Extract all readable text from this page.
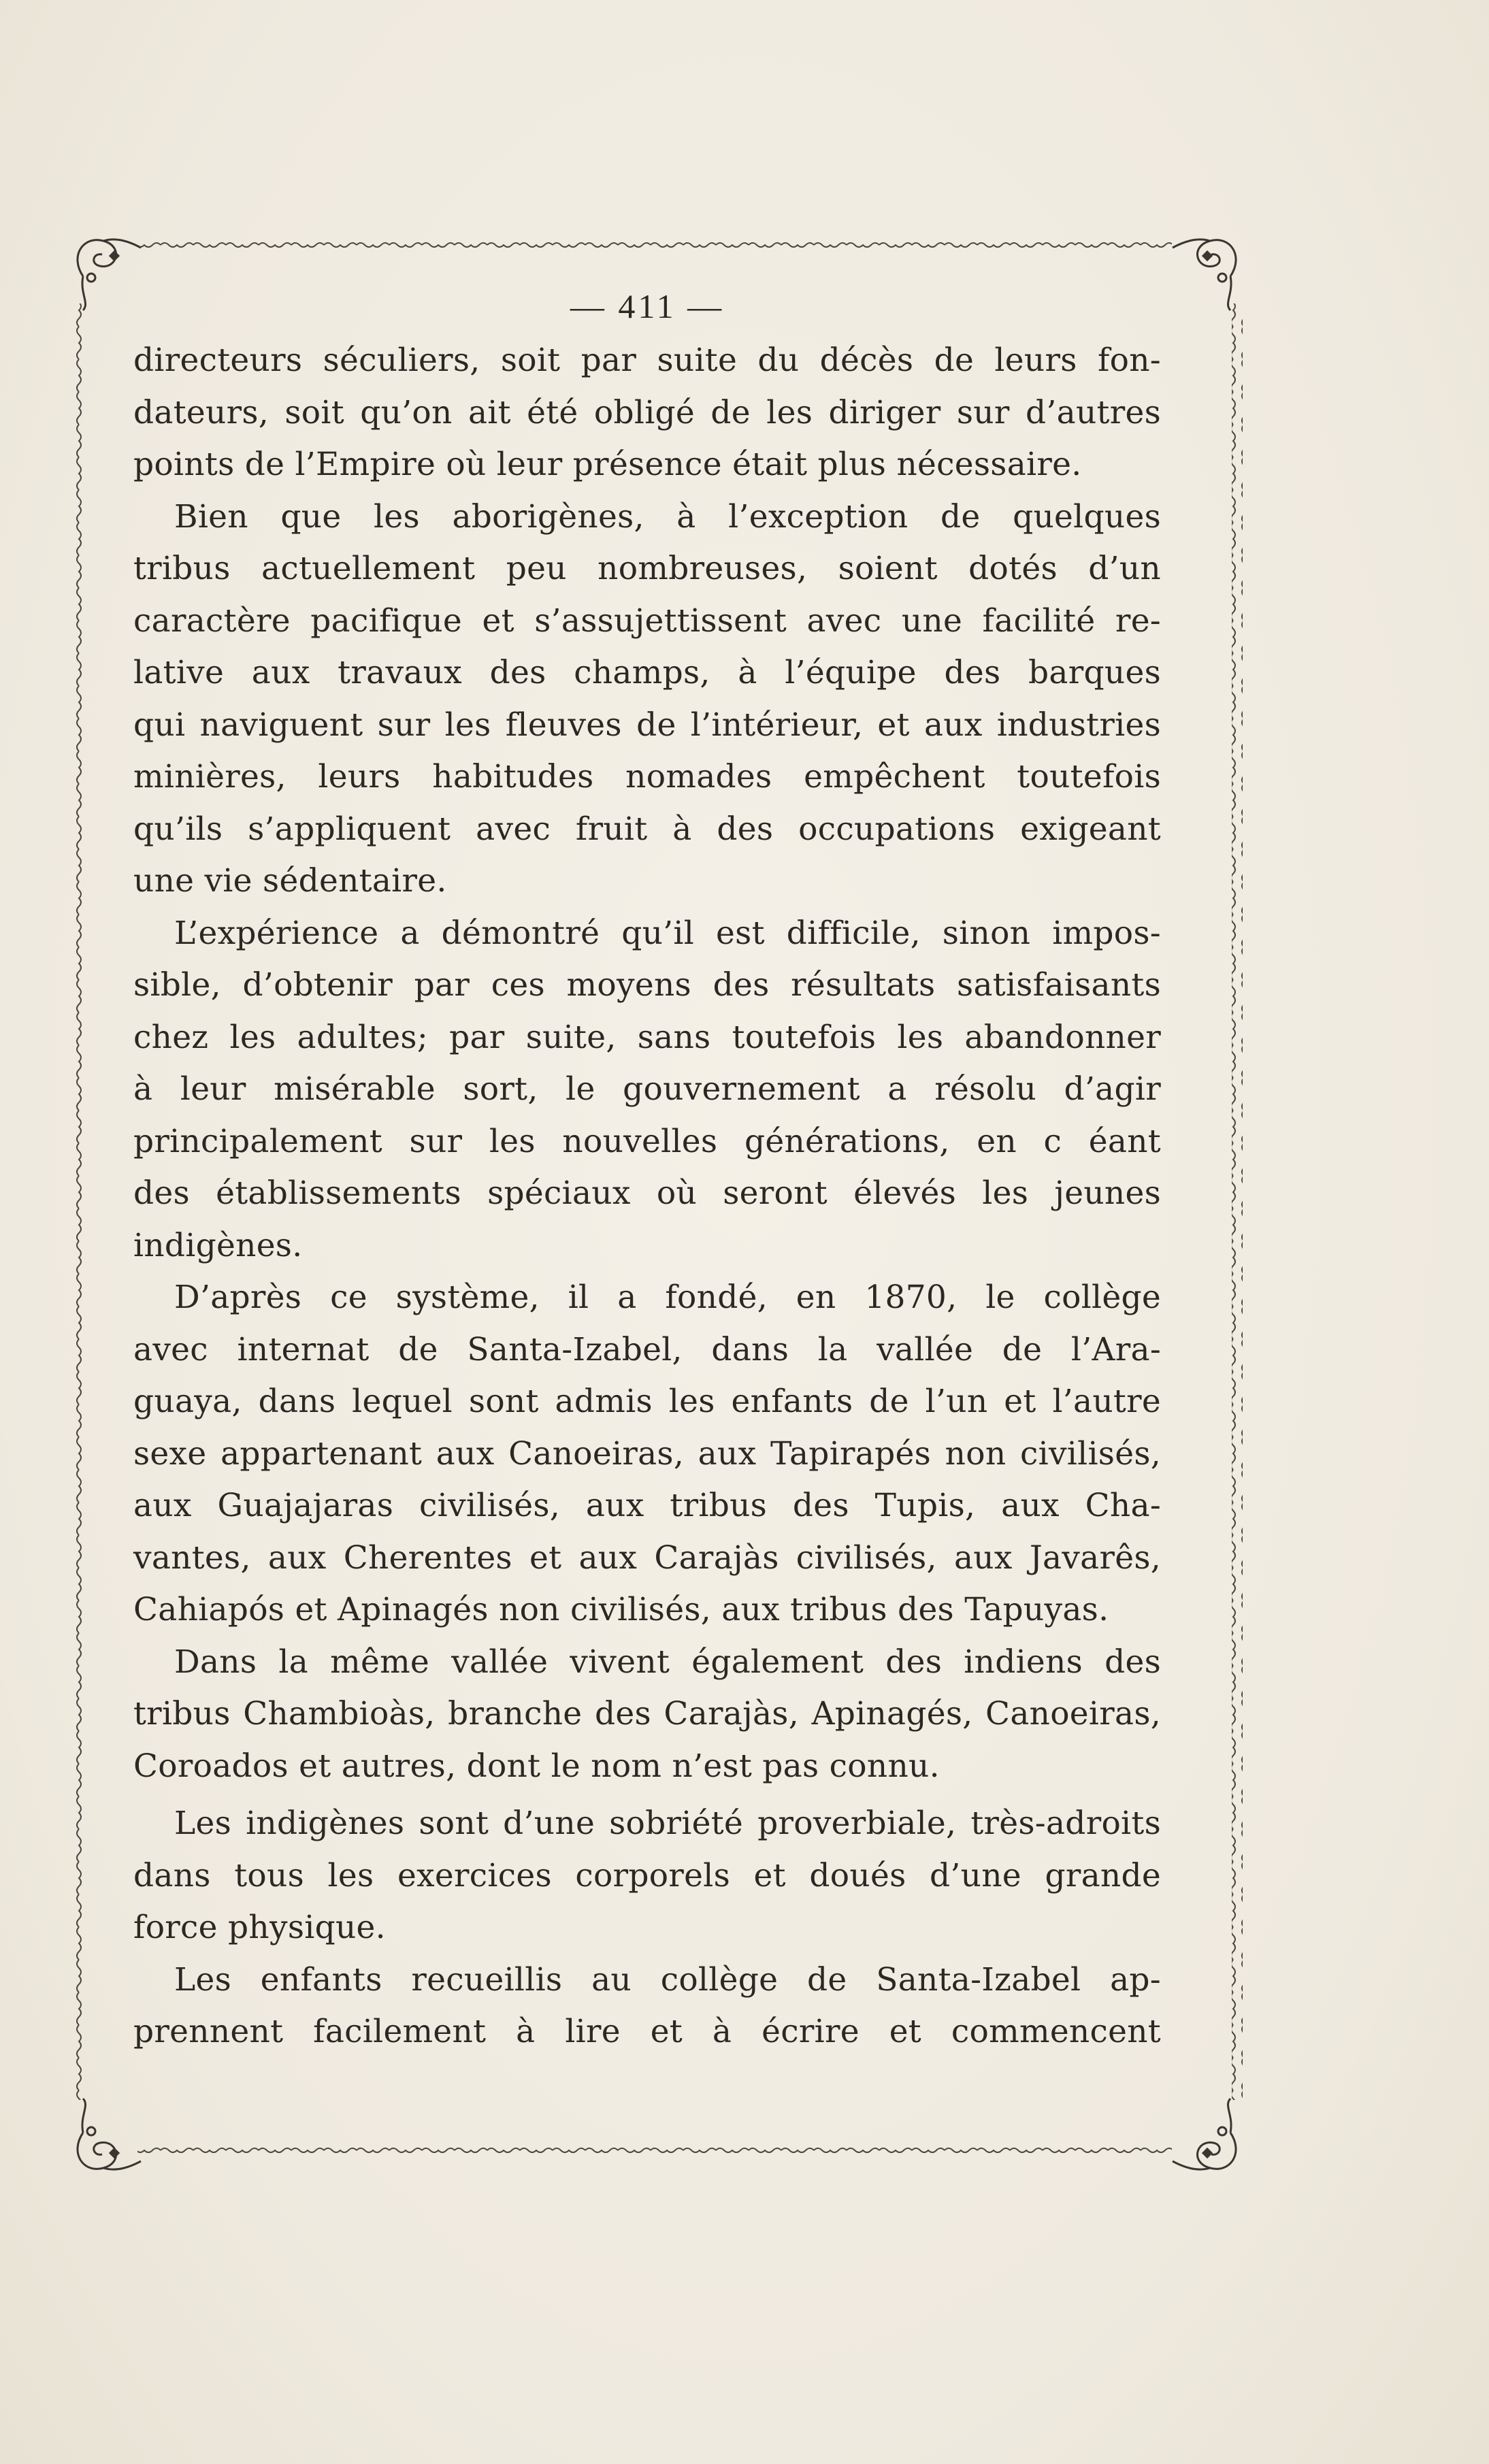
— 411 —
directeurs séculiers, soit par suite du décès de leurs fon-
dateurs, soit qu’on ait été obligé de les diriger sur d’autres
points de l’Empire où leur présence était plus nécessaire.
Bien que les aborigènes, à l’exception de quelques
tribus actuellement peu nombreuses, soient dotés d’un
caractère pacifique et s’assujettissent avec une facilité re-
lative aux travaux des champs, à l’équipe des barques
qui naviguent sur les fleuves de l’intérieur, et aux industries
minières, leurs habitudes nomades empêchent toutefois
qu’ils s’appliquent avec fruit à des occupations exigeant
une vie sédentaire.
L’expérience a démontré qu’il est difficile, sinon impos-
sible, d’obtenir par ces moyens des résultats satisfaisants
chez les adultes; par suite, sans toutefois les abandonner
à leur misérable sort, le gouvernement a résolu d’agir
principalement sur les nouvelles générations, en c éant
des établissements spéciaux où seront élevés les jeunes
indigènes.
D’après ce système, il a fondé, en 1870, le collège
avec internat de Santa-Izabel, dans la vallée de l’Ara-
guaya, dans lequel sont admis les enfants de l’un et l’autre
sexe appartenant aux Canoeiras, aux Tapirapés non civilisés,
aux Guajajaras civilisés, aux tribus des Tupis, aux Cha-
vantes, aux Cherentes et aux Carajàs civilisés, aux Javarês,
Cahiapós et Apinagés non civilisés, aux tribus des Tapuyas.
Dans la même vallée vivent également des indiens des
tribus Chambioàs, branche des Carajàs, Apinagés, Canoeiras,
Coroados et autres, dont le nom n’est pas connu.
Les indigènes sont d’une sobriété proverbiale, très-adroits
dans tous les exercices corporels et doués d’une grande
force physique.
Les enfants recueillis au collège de Santa-Izabel ap-
prennent facilement à lire et à écrire et commencent
